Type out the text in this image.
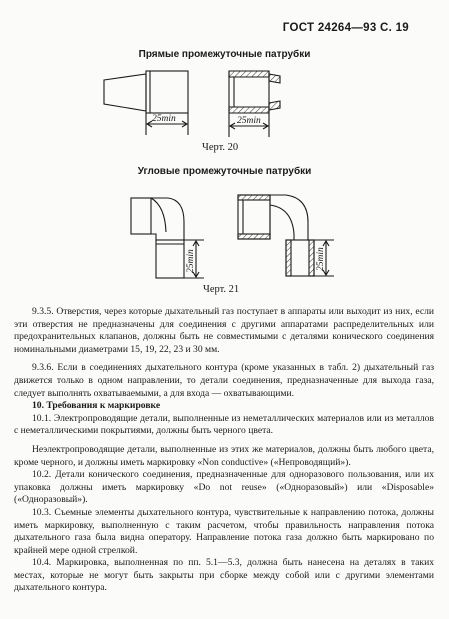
ГОСТ 24264—93 С. 19
Прямые промежуточные патрубки
25min	25min
25min	25min
Черт. 20
Угловые промежуточные патрубки
Черт. 21

9.3.5. Отверстия, через которые дыхательный газ поступает в аппараты или выходит из них, если эти отверстия не предназначены для соединения с другими аппаратами распределительных или предохранительных клапанов, должны быть не совместимыми с деталями конического соединения номинальными диаметрами 15, 19, 22, 23 и 30 мм.

9.3.6. Если в соединениях дыхательного контура (кроме указанных в табл. 2) дыхательный газ движется только в одном направлении, то детали соединения, предназначенные для выхода газа, следует выполнять охватываемыми, а для входа — охватывающими.

10. Требования к маркировке

10.1. Электропроводящие детали, выполненные из неметаллических материалов или из металлов с неметаллическими покрытиями, должны быть черного цвета.

Неэлектропроводящие детали, выполненные из этих же материалов, должны быть любого цвета, кроме черного, и должны иметь маркировку «Non conductive» («Непроводящий»).

10.2. Детали конического соединения, предназначенные для одноразового пользования, или их упаковка должны иметь маркировку «Do not reuse» («Одноразовый») или «Disposable» («Одноразовый»).

10.3. Съемные элементы дыхательного контура, чувствительные к направлению потока, должны иметь маркировку, выполненную с таким расчетом, чтобы правильность направления потока дыхательного газа была видна оператору. Направление потока газа должно быть маркировано по крайней мере одной стрелкой.

10.4. Маркировка, выполненная по пп. 5.1—5.3, должна быть нанесена на деталях в таких местах, которые не могут быть закрыты при сборке между собой или с другими элементами дыхательного контура.
